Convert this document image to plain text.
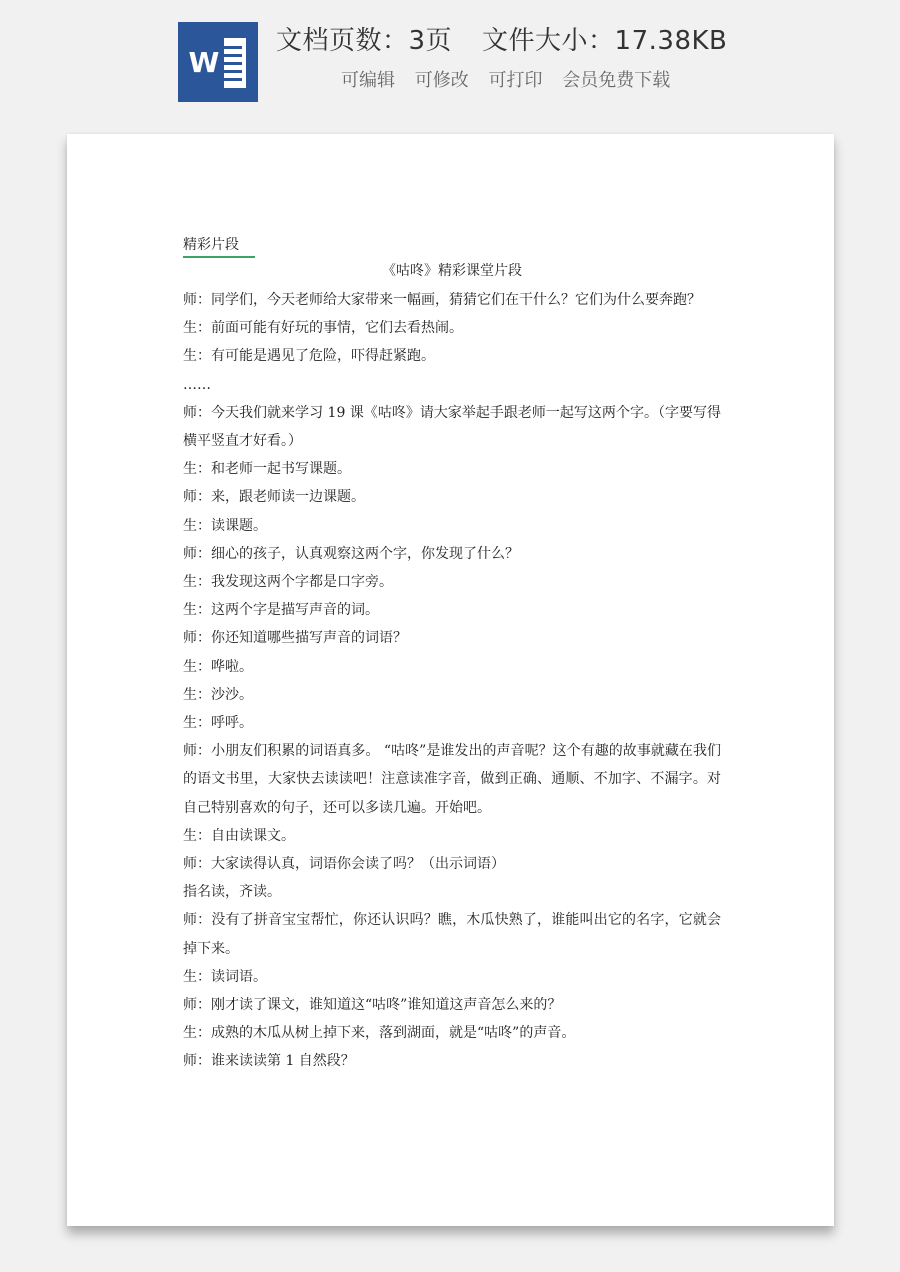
W
文档页数：3页 文件大小：17.38KB
可编辑 可修改 可打印 会员免费下载
精彩片段
《咕咚》精彩课堂片段

师：同学们，今天老师给大家带来一幅画，猜猜它们在干什么？它们为什么要奔跑？

生：前面可能有好玩的事情，它们去看热闹。

生：有可能是遇见了危险，吓得赶紧跑。

……

师：今天我们就来学习 19 课《咕咚》请大家举起手跟老师一起写这两个字。（字要写得横平竖直才好看。）

生：和老师一起书写课题。

师：来，跟老师读一边课题。

生：读课题。

师：细心的孩子，认真观察这两个字，你发现了什么？

生：我发现这两个字都是口字旁。

生：这两个字是描写声音的词。

师：你还知道哪些描写声音的词语？

生：哗啦。

生：沙沙。

生：呼呼。

师：小朋友们积累的词语真多。 “咕咚”是谁发出的声音呢？这个有趣的故事就藏在我们的语文书里，大家快去读读吧！注意读准字音，做到正确、通顺、不加字、不漏字。对自己特别喜欢的句子，还可以多读几遍。开始吧。

生：自由读课文。

师：大家读得认真，词语你会读了吗？（出示词语）

指名读，齐读。

师：没有了拼音宝宝帮忙，你还认识吗？瞧，木瓜快熟了，谁能叫出它的名字，它就会掉下来。

生：读词语。

师：刚才读了课文，谁知道这“咕咚”谁知道这声音怎么来的？

生：成熟的木瓜从树上掉下来，落到湖面，就是“咕咚”的声音。

师：谁来读读第 1 自然段？
